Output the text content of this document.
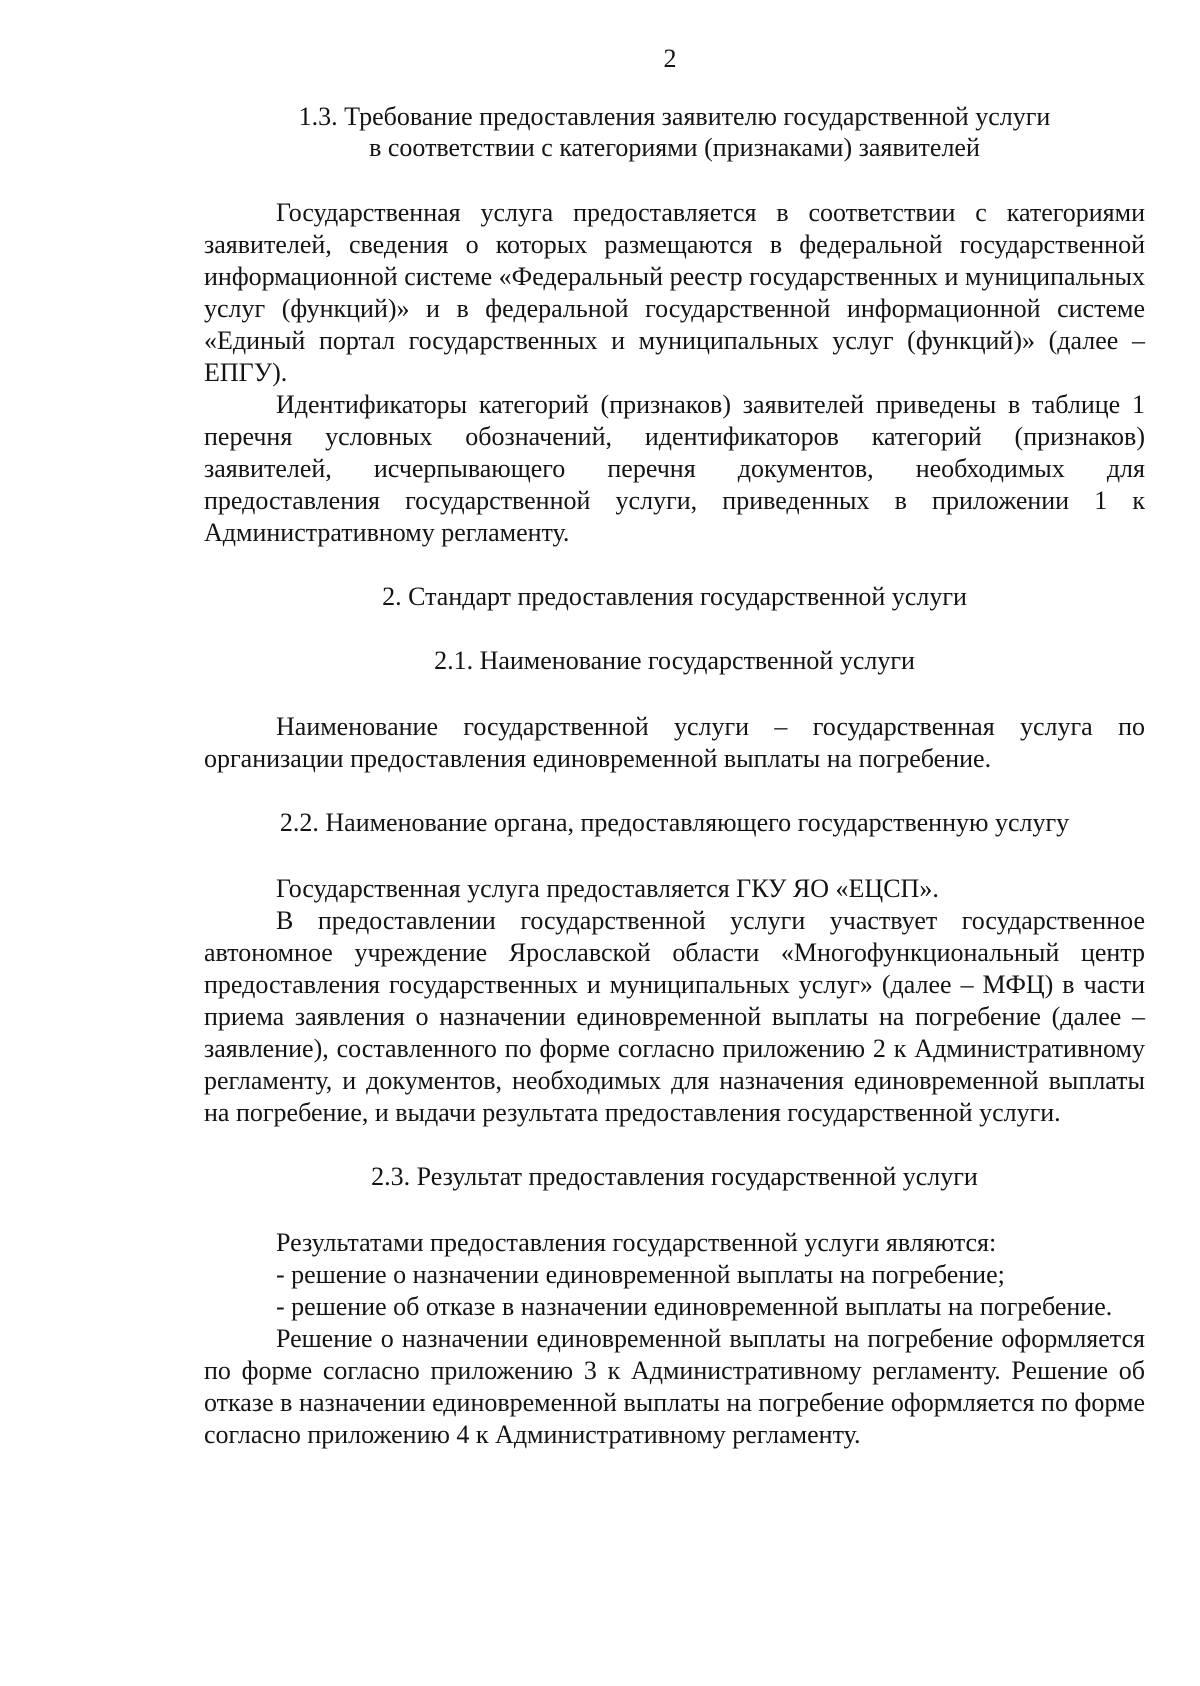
2

1.3. Требование предоставления заявителю государственной услуги

в соответствии с категориями (признаками) заявителей

Государственная услуга предоставляется в соответствии с категориями заявителей, сведения о которых размещаются в федеральной государственной информационной системе «Федеральный реестр государственных и муниципальных услуг (функций)» и в федеральной государственной информационной системе «Единый портал государственных и муниципальных услуг (функций)» (далее – ЕПГУ).

Идентификаторы категорий (признаков) заявителей приведены в таблице 1 перечня условных обозначений, идентификаторов категорий (признаков) заявителей, исчерпывающего перечня документов, необходимых для предоставления государственной услуги, приведенных в приложении 1 к Административному регламенту.

2. Стандарт предоставления государственной услуги

2.1. Наименование государственной услуги

Наименование государственной услуги – государственная услуга по организации предоставления единовременной выплаты на погребение.

2.2. Наименование органа, предоставляющего государственную услугу

Государственная услуга предоставляется ГКУ ЯО «ЕЦСП».

В предоставлении государственной услуги участвует государственное автономное учреждение Ярославской области «Многофункциональный центр предоставления государственных и муниципальных услуг» (далее – МФЦ) в части приема заявления о назначении единовременной выплаты на погребение (далее – заявление), составленного по форме согласно приложению 2 к Административному регламенту, и документов, необходимых для назначения единовременной выплаты на погребение, и выдачи результата предоставления государственной услуги.

2.3. Результат предоставления государственной услуги

Результатами предоставления государственной услуги являются:

- решение о назначении единовременной выплаты на погребение;

- решение об отказе в назначении единовременной выплаты на погребение.

Решение о назначении единовременной выплаты на погребение оформляется по форме согласно приложению 3 к Административному регламенту. Решение об отказе в назначении единовременной выплаты на погребение оформляется по форме согласно приложению 4 к Административному регламенту.
